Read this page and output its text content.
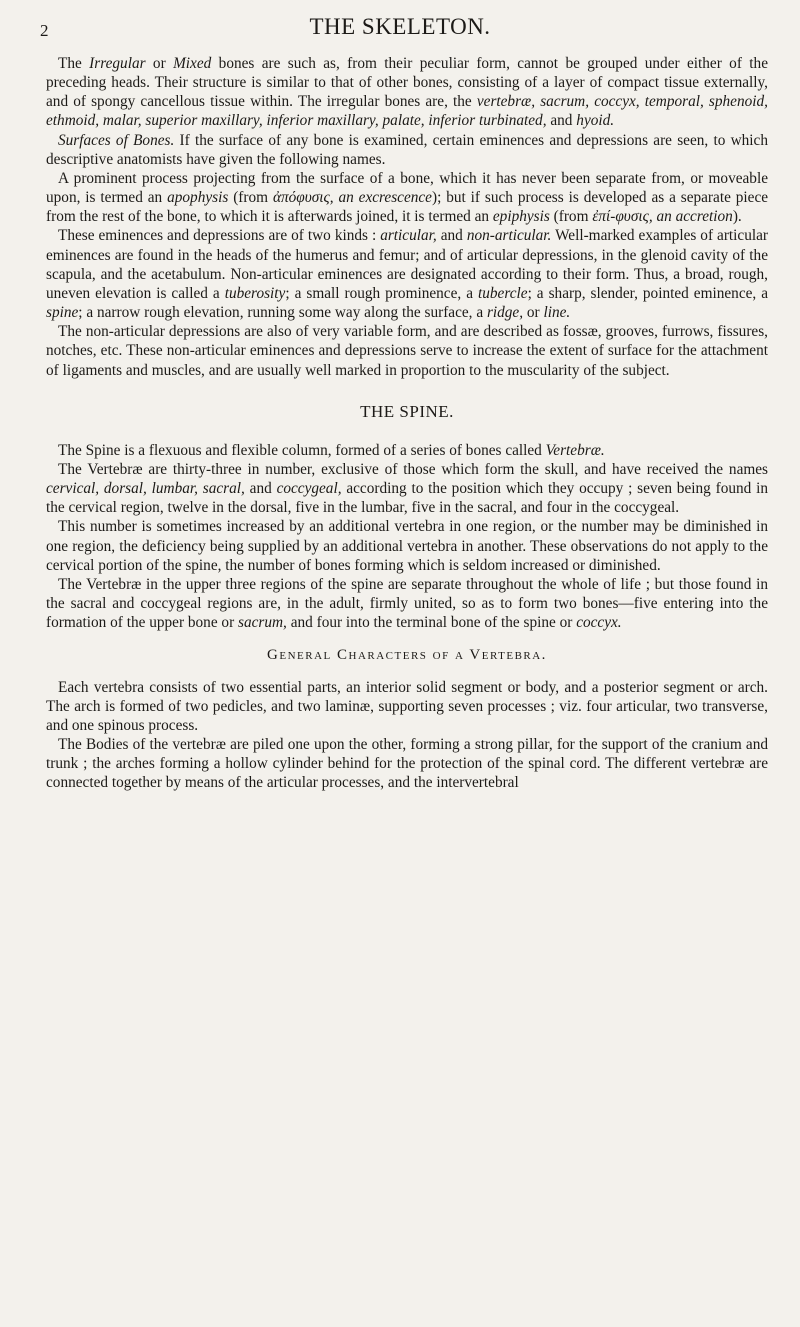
2	THE SKELETON.

The Irregular or Mixed bones are such as, from their peculiar form, cannot be grouped under either of the preceding heads. Their structure is similar to that of other bones, consisting of a layer of compact tissue externally, and of spongy cancellous tissue within. The irregular bones are, the vertebræ, sacrum, coccyx, temporal, sphenoid, ethmoid, malar, superior maxillary, inferior maxillary, palate, inferior turbinated, and hyoid.

Surfaces of Bones. If the surface of any bone is examined, certain eminences and depressions are seen, to which descriptive anatomists have given the following names.

A prominent process projecting from the surface of a bone, which it has never been separate from, or moveable upon, is termed an apophysis (from ἀπόφυσις, an excrescence); but if such process is developed as a separate piece from the rest of the bone, to which it is afterwards joined, it is termed an epiphysis (from ἐπί-φυσις, an accretion).

These eminences and depressions are of two kinds : articular, and non-articular. Well-marked examples of articular eminences are found in the heads of the humerus and femur; and of articular depressions, in the glenoid cavity of the scapula, and the acetabulum. Non-articular eminences are designated according to their form. Thus, a broad, rough, uneven elevation is called a tuberosity; a small rough prominence, a tubercle; a sharp, slender, pointed eminence, a spine; a narrow rough elevation, running some way along the surface, a ridge, or line.

The non-articular depressions are also of very variable form, and are described as fossæ, grooves, furrows, fissures, notches, etc. These non-articular eminences and depressions serve to increase the extent of surface for the attachment of ligaments and muscles, and are usually well marked in proportion to the muscularity of the subject.

THE SPINE.

The Spine is a flexuous and flexible column, formed of a series of bones called Vertebræ.

The Vertebræ are thirty-three in number, exclusive of those which form the skull, and have received the names cervical, dorsal, lumbar, sacral, and coccygeal, according to the position which they occupy ; seven being found in the cervical region, twelve in the dorsal, five in the lumbar, five in the sacral, and four in the coccygeal.

This number is sometimes increased by an additional vertebra in one region, or the number may be diminished in one region, the deficiency being supplied by an additional vertebra in another. These observations do not apply to the cervical portion of the spine, the number of bones forming which is seldom increased or diminished.

The Vertebræ in the upper three regions of the spine are separate throughout the whole of life ; but those found in the sacral and coccygeal regions are, in the adult, firmly united, so as to form two bones—five entering into the formation of the upper bone or sacrum, and four into the terminal bone of the spine or coccyx.

General Characters of a Vertebra.

Each vertebra consists of two essential parts, an interior solid segment or body, and a posterior segment or arch. The arch is formed of two pedicles, and two laminæ, supporting seven processes ; viz. four articular, two transverse, and one spinous process.

The Bodies of the vertebræ are piled one upon the other, forming a strong pillar, for the support of the cranium and trunk ; the arches forming a hollow cylinder behind for the protection of the spinal cord. The different vertebræ are connected together by means of the articular processes, and the intervertebral
